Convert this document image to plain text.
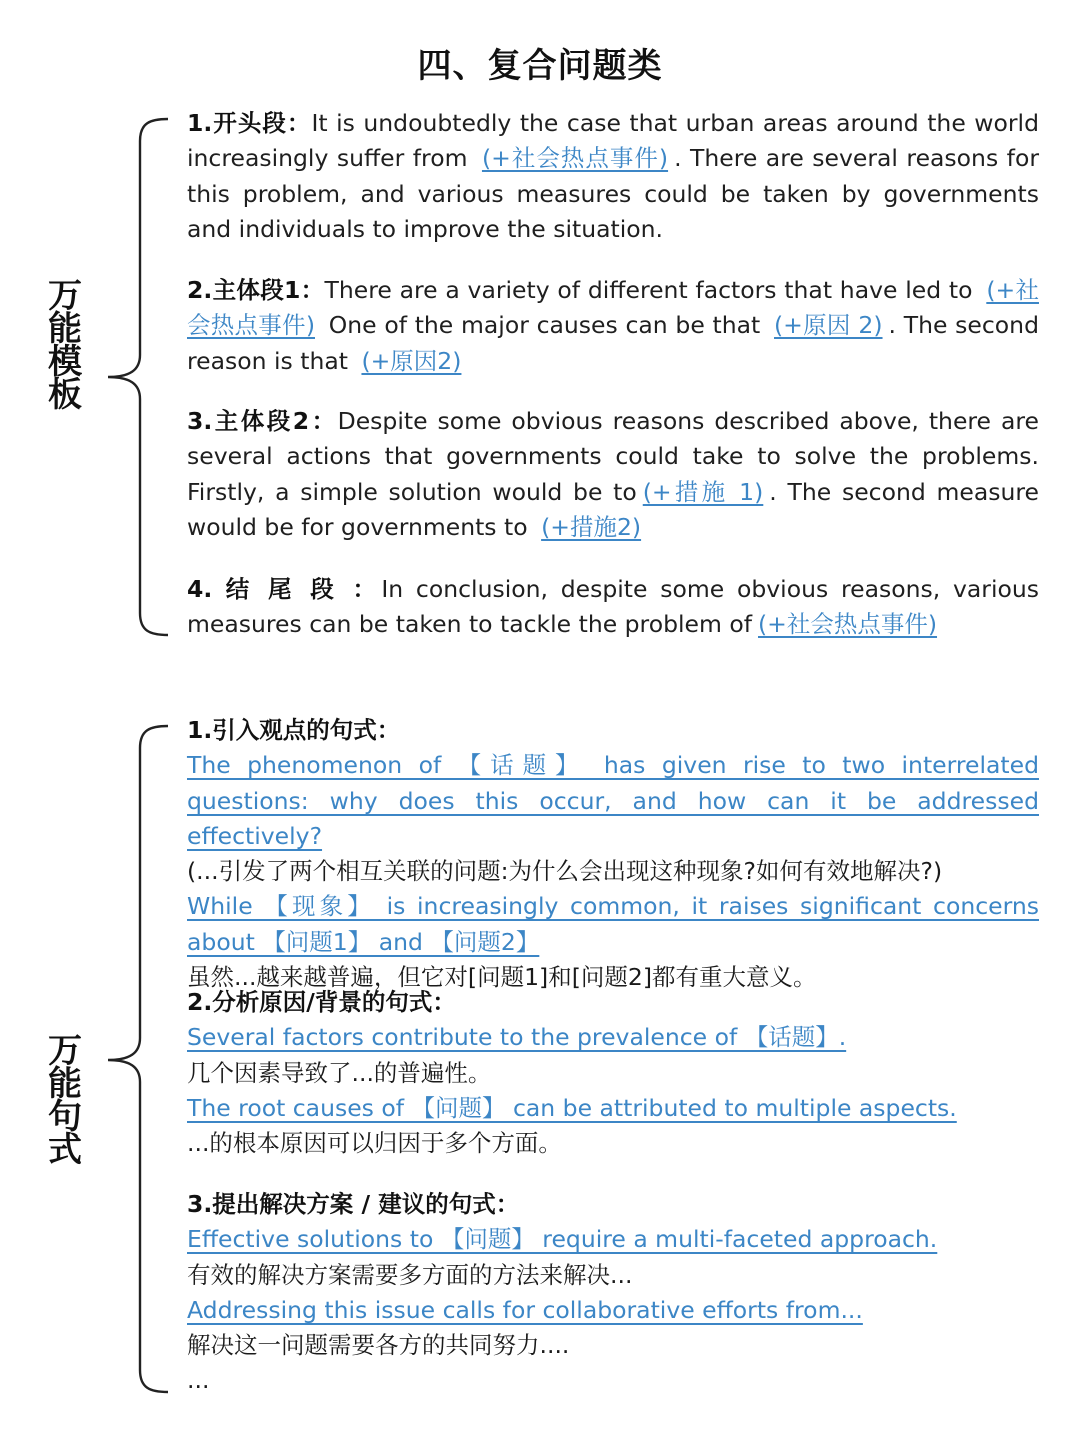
四、复合问题类
万
能
模
板
1.开头段：It is undoubtedly the case that urban areas around the world increasingly suffer from (+社会热点事件) . There are several reasons for this problem, and various measures could be taken by governments and individuals to improve the situation.
2.主体段1：There are a variety of different factors that have led to (+社会热点事件) One of the major causes can be that (+原因 2) . The second reason is that (+原因2)
3.主体段2：Despite some obvious reasons described above, there are several actions that governments could take to solve the problems. Firstly, a simple solution would be to (+措施 1) . The second measure would be for governments to (+措施2)
4. 结 尾 段 ：In conclusion, despite some obvious reasons, various measures can be taken to tackle the problem of (+社会热点事件)
万
能
句
式
1.引入观点的句式：
The phenomenon of 【话题】 has given rise to two interrelated
questions: why does this occur, and how can it be addressed effectively?
(...引发了两个相互关联的问题:为什么会出现这种现象?如何有效地解决?)
While 【现象】 is increasingly common, it raises significant concerns
about 【问题1】 and 【问题2】
虽然...越来越普遍，但它对[问题1]和[问题2]都有重大意义。
2.分析原因/背景的句式：
Several factors contribute to the prevalence of 【话题】.
几个因素导致了...的普遍性。
The root causes of 【问题】 can be attributed to multiple aspects.
...的根本原因可以归因于多个方面。
3.提出解决方案 / 建议的句式：
Effective solutions to 【问题】 require a multi-faceted approach.
有效的解决方案需要多方面的方法来解决...
Addressing this issue calls for collaborative efforts from...
解决这一问题需要各方的共同努力....
...
